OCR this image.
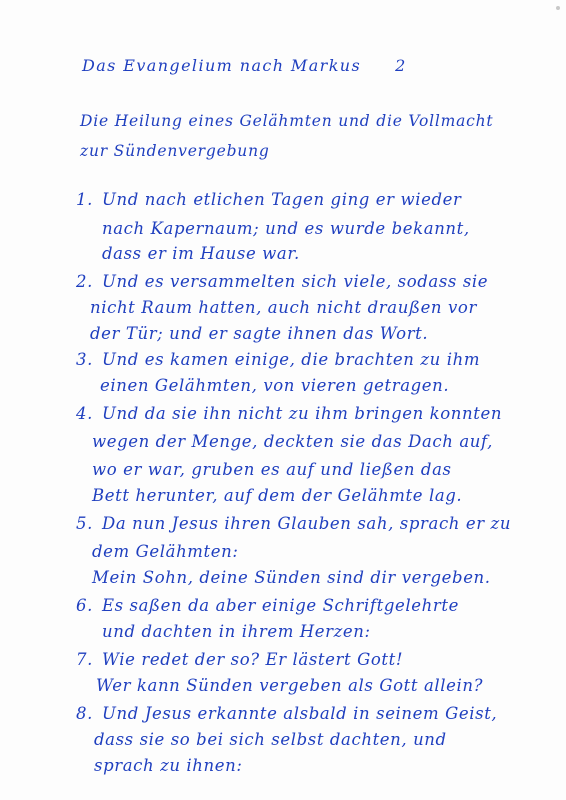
Das Evangelium nach Markus 2
Die Heilung eines Gelähmten und die Vollmacht
zur Sündenvergebung
1. Und nach etlichen Tagen ging er wieder
nach Kapernaum; und es wurde bekannt,
dass er im Hause war.
2. Und es versammelten sich viele, sodass sie
nicht Raum hatten, auch nicht draußen vor
der Tür; und er sagte ihnen das Wort.
3. Und es kamen einige, die brachten zu ihm
einen Gelähmten, von vieren getragen.
4. Und da sie ihn nicht zu ihm bringen konnten
wegen der Menge, deckten sie das Dach auf,
wo er war, gruben es auf und ließen das
Bett herunter, auf dem der Gelähmte lag.
5. Da nun Jesus ihren Glauben sah, sprach er zu
dem Gelähmten:
Mein Sohn, deine Sünden sind dir vergeben.
6. Es saßen da aber einige Schriftgelehrte
und dachten in ihrem Herzen:
7. Wie redet der so? Er lästert Gott!
Wer kann Sünden vergeben als Gott allein?
8. Und Jesus erkannte alsbald in seinem Geist,
dass sie so bei sich selbst dachten, und
sprach zu ihnen:
